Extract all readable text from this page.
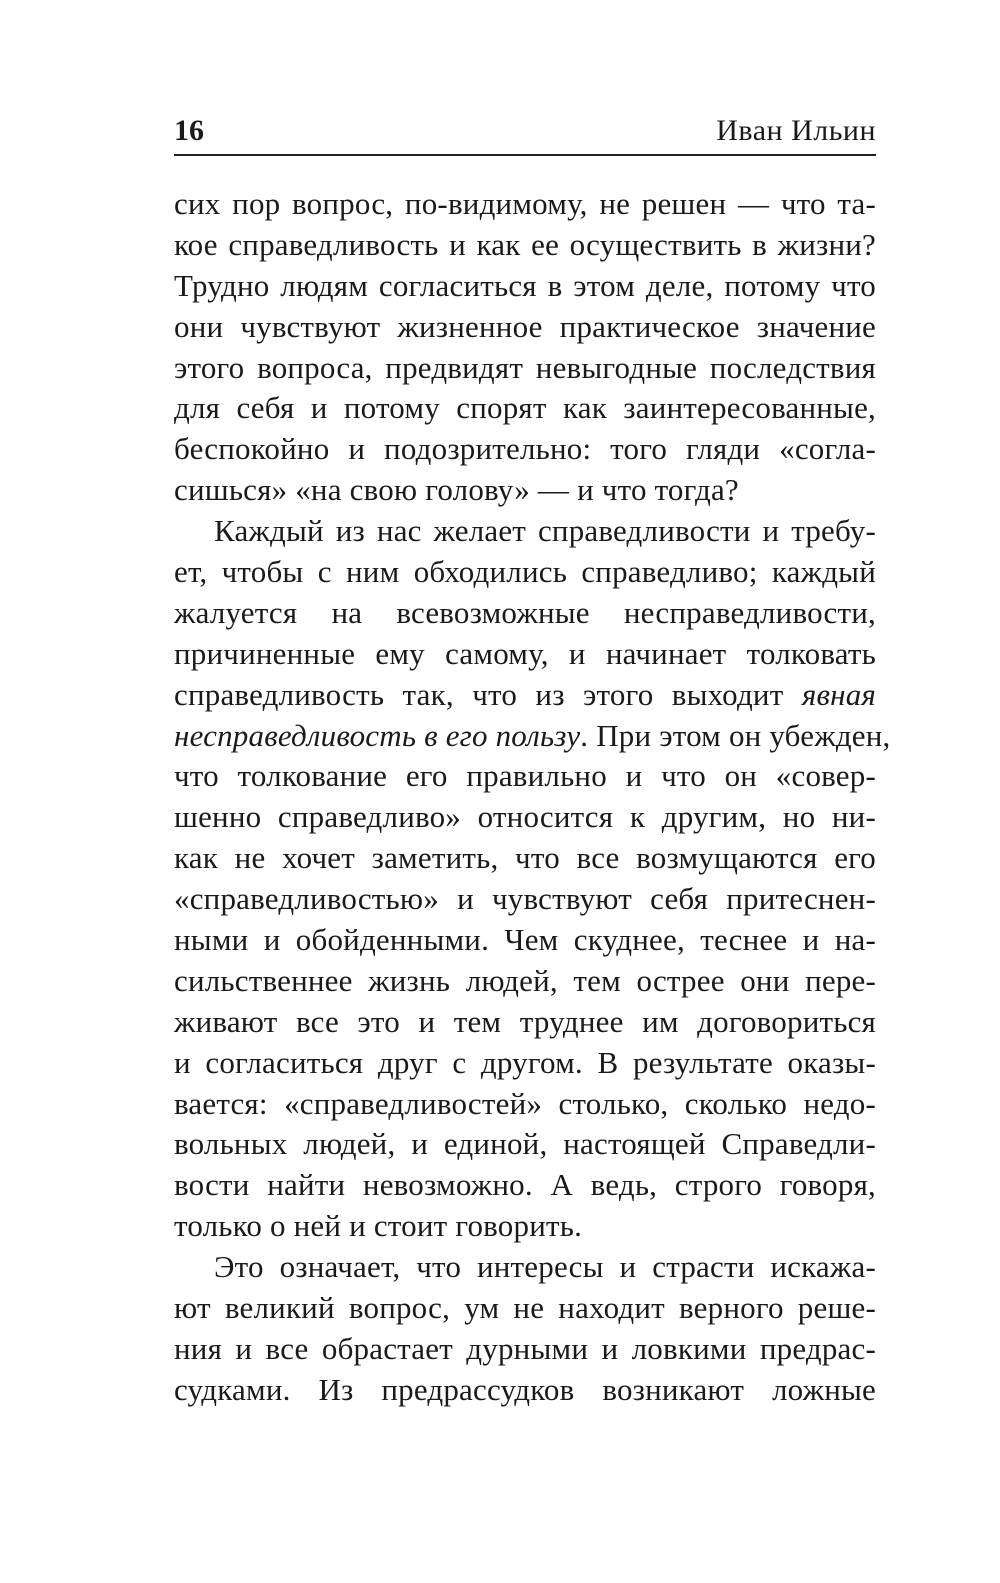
16	Иван Ильин
сих пор вопрос, по-видимому, не решен — что та-
кое справедливость и как ее осуществить в жизни?
Трудно людям согласиться в этом деле, потому что
они чувствуют жизненное практическое значение
этого вопроса, предвидят невыгодные последствия
для себя и потому спорят как заинтересованные,
беспокойно и подозрительно: того гляди «согла-
сишься» «на свою голову» — и что тогда?
Каждый из нас желает справедливости и требу-
ет, чтобы с ним обходились справедливо; каждый
жалуется на всевозможные несправедливости,
причиненные ему самому, и начинает толковать
справедливость так, что из этого выходит явная
несправедливость в его пользу. При этом он убежден,
что толкование его правильно и что он «совер-
шенно справедливо» относится к другим, но ни-
как не хочет заметить, что все возмущаются его
«справедливостью» и чувствуют себя притеснен-
ными и обойденными. Чем скуднее, теснее и на-
сильственнее жизнь людей, тем острее они пере-
живают все это и тем труднее им договориться
и согласиться друг с другом. В результате оказы-
вается: «справедливостей» столько, сколько недо-
вольных людей, и единой, настоящей Справедли-
вости найти невозможно. А ведь, строго говоря,
только о ней и стоит говорить.
Это означает, что интересы и страсти искажа-
ют великий вопрос, ум не находит верного реше-
ния и все обрастает дурными и ловкими предрас-
судками. Из предрассудков возникают ложные
